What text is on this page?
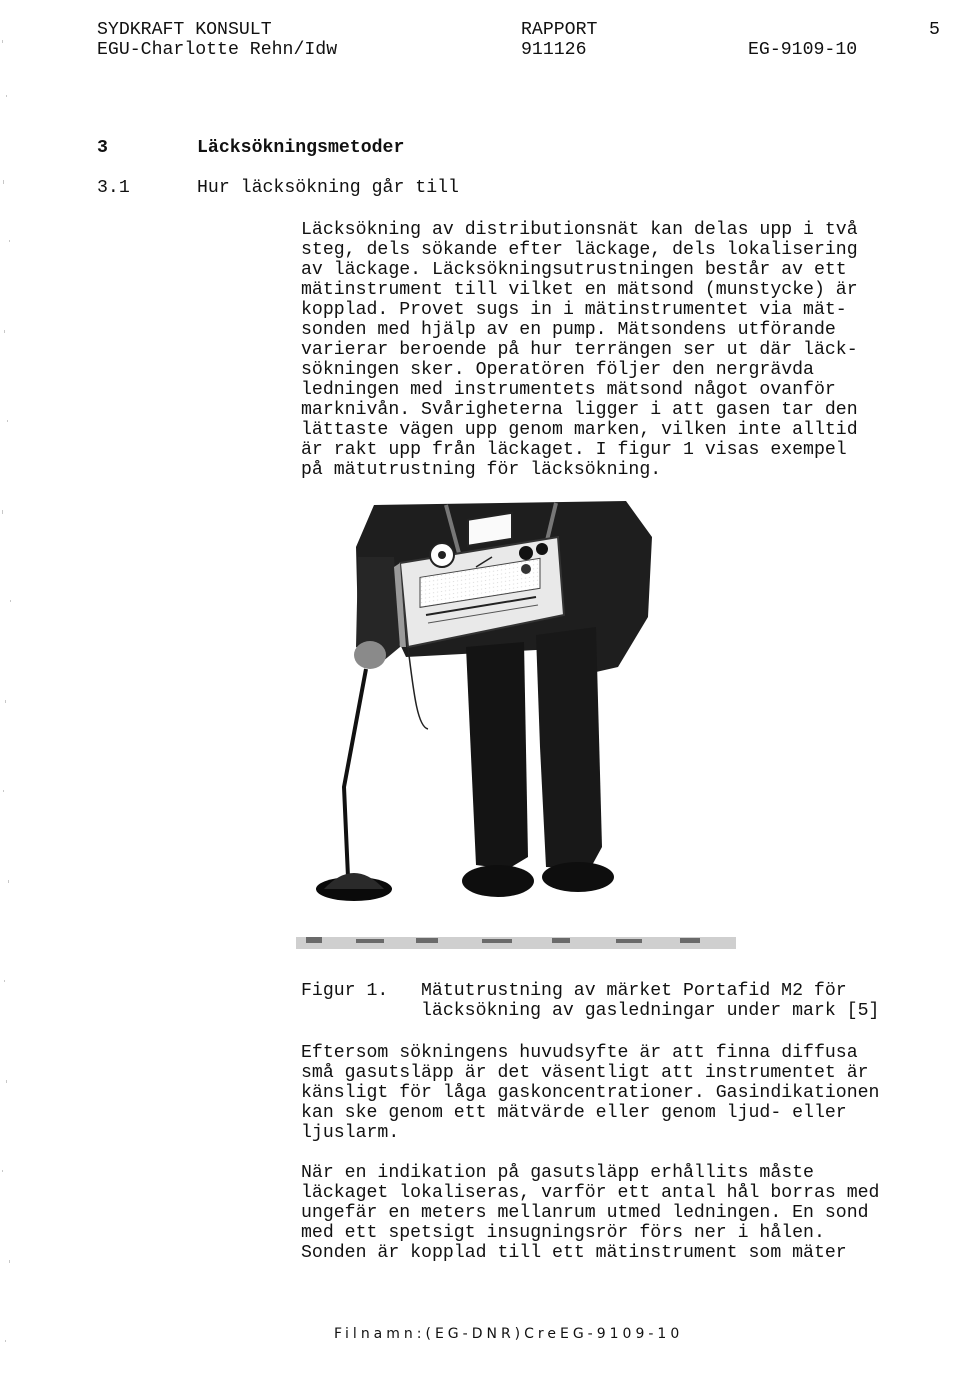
SYDKRAFT KONSULT
EGU-Charlotte Rehn/Idw
RAPPORT
911126	EG-9109-10
5
3	Läcksökningsmetoder
3.1	Hur läcksökning går till
Läcksökning av distributionsnät kan delas upp i två
steg, dels sökande efter läckage, dels lokalisering
av läckage. Läcksökningsutrustningen består av ett
mätinstrument till vilket en mätsond (munstycke) är
kopplad. Provet sugs in i mätinstrumentet via mät-
sonden med hjälp av en pump. Mätsondens utförande
varierar beroende på hur terrängen ser ut där läck-
sökningen sker. Operatören följer den nergrävda
ledningen med instrumentets mätsond något ovanför
marknivån. Svårigheterna ligger i att gasen tar den
lättaste vägen upp genom marken, vilken inte alltid
är rakt upp från läckaget. I figur 1 visas exempel
på mätutrustning för läcksökning.
Figur 1. Mätutrustning av märket Portafid M2 för
läcksökning av gasledningar under mark [5]
Eftersom sökningens huvudsyfte är att finna diffusa
små gasutsläpp är det väsentligt att instrumentet är
känsligt för låga gaskoncentrationer. Gasindikationen
kan ske genom ett mätvärde eller genom ljud- eller
ljuslarm.
När en indikation på gasutsläpp erhållits måste
läckaget lokaliseras, varför ett antal hål borras med
ungefär en meters mellanrum utmed ledningen. En sond
med ett spetsigt insugningsrör förs ner i hålen.
Sonden är kopplad till ett mätinstrument som mäter
Filnamn:(EG-DNR)CreEG-9109-10
